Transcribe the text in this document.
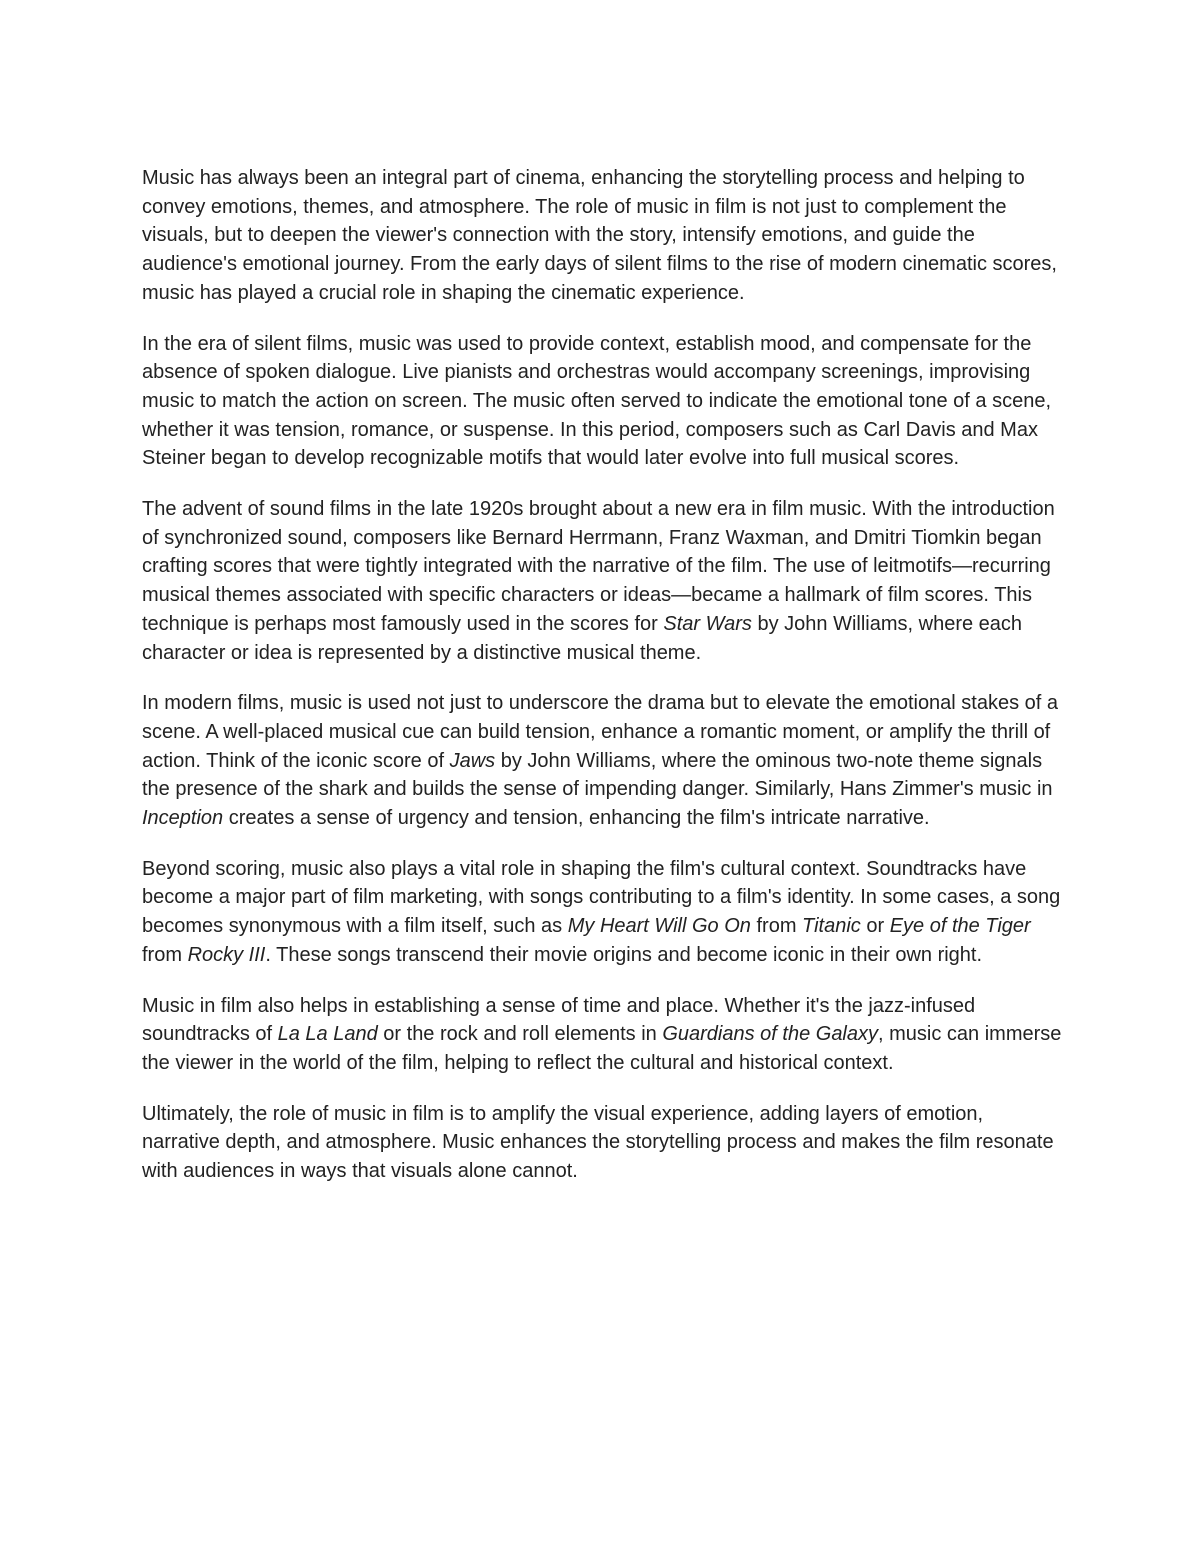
Music has always been an integral part of cinema, enhancing the storytelling process and helping to convey emotions, themes, and atmosphere. The role of music in film is not just to complement the visuals, but to deepen the viewer's connection with the story, intensify emotions, and guide the audience's emotional journey. From the early days of silent films to the rise of modern cinematic scores, music has played a crucial role in shaping the cinematic experience.

In the era of silent films, music was used to provide context, establish mood, and compensate for the absence of spoken dialogue. Live pianists and orchestras would accompany screenings, improvising music to match the action on screen. The music often served to indicate the emotional tone of a scene, whether it was tension, romance, or suspense. In this period, composers such as Carl Davis and Max Steiner began to develop recognizable motifs that would later evolve into full musical scores.

The advent of sound films in the late 1920s brought about a new era in film music. With the introduction of synchronized sound, composers like Bernard Herrmann, Franz Waxman, and Dmitri Tiomkin began crafting scores that were tightly integrated with the narrative of the film. The use of leitmotifs—recurring musical themes associated with specific characters or ideas—became a hallmark of film scores. This technique is perhaps most famously used in the scores for Star Wars by John Williams, where each character or idea is represented by a distinctive musical theme.

In modern films, music is used not just to underscore the drama but to elevate the emotional stakes of a scene. A well-placed musical cue can build tension, enhance a romantic moment, or amplify the thrill of action. Think of the iconic score of Jaws by John Williams, where the ominous two-note theme signals the presence of the shark and builds the sense of impending danger. Similarly, Hans Zimmer's music in Inception creates a sense of urgency and tension, enhancing the film's intricate narrative.

Beyond scoring, music also plays a vital role in shaping the film's cultural context. Soundtracks have become a major part of film marketing, with songs contributing to a film's identity. In some cases, a song becomes synonymous with a film itself, such as My Heart Will Go On from Titanic or Eye of the Tiger from Rocky III. These songs transcend their movie origins and become iconic in their own right.

Music in film also helps in establishing a sense of time and place. Whether it's the jazz-infused soundtracks of La La Land or the rock and roll elements in Guardians of the Galaxy, music can immerse the viewer in the world of the film, helping to reflect the cultural and historical context.

Ultimately, the role of music in film is to amplify the visual experience, adding layers of emotion, narrative depth, and atmosphere. Music enhances the storytelling process and makes the film resonate with audiences in ways that visuals alone cannot.
